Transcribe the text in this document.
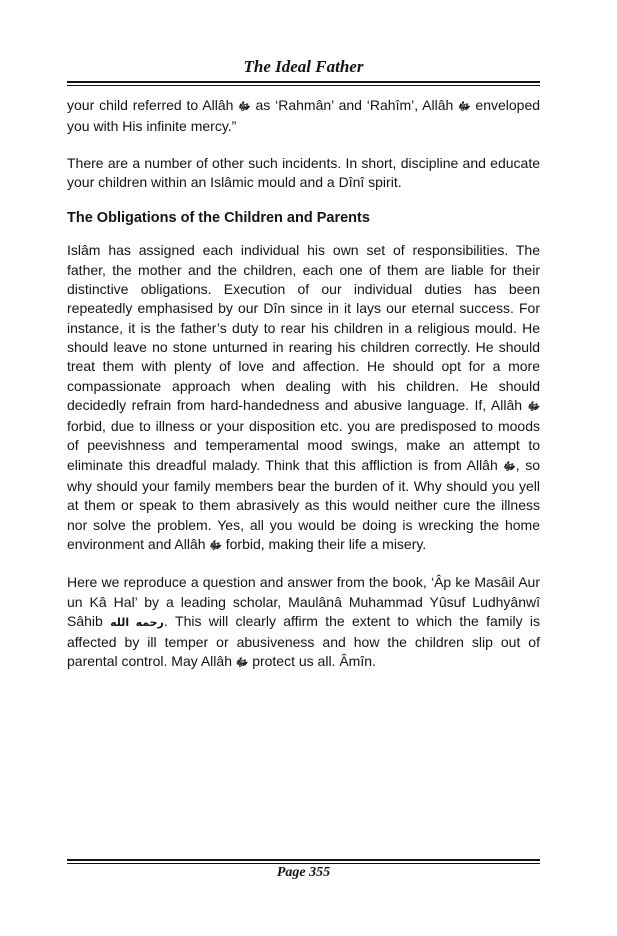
The Ideal Father

your child referred to Allâh ﷻ as ‘Rahmân’ and ‘Rahîm’, Allâh ﷻ enveloped you with His infinite mercy.”

There are a number of other such incidents. In short, discipline and educate your children within an Islâmic mould and a Dînî spirit.

The Obligations of the Children and Parents

Islâm has assigned each individual his own set of responsibilities. The father, the mother and the children, each one of them are liable for their distinctive obligations. Execution of our individual duties has been repeatedly emphasised by our Dîn since in it lays our eternal success. For instance, it is the father’s duty to rear his children in a religious mould. He should leave no stone unturned in rearing his children correctly. He should treat them with plenty of love and affection. He should opt for a more compassionate approach when dealing with his children. He should decidedly refrain from hard-handedness and abusive language. If, Allâh ﷻ forbid, due to illness or your disposition etc. you are predisposed to moods of peevishness and temperamental mood swings, make an attempt to eliminate this dreadful malady. Think that this affliction is from Allâh ﷻ, so why should your family members bear the burden of it. Why should you yell at them or speak to them abrasively as this would neither cure the illness nor solve the problem. Yes, all you would be doing is wrecking the home environment and Allâh ﷻ forbid, making their life a misery.

Here we reproduce a question and answer from the book, ‘Âp ke Masâil Aur un Kâ Hal’ by a leading scholar, Maulânâ Muhammad Yûsuf Ludhyânwî Sâhib رحمه الله. This will clearly affirm the extent to which the family is affected by ill temper or abusiveness and how the children slip out of parental control. May Allâh ﷻ protect us all. Âmîn.

Page 355
